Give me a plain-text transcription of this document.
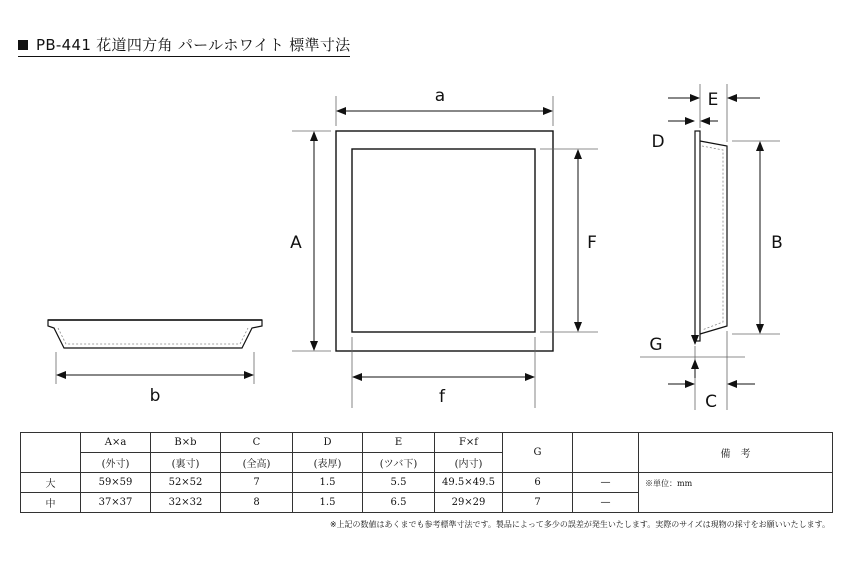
PB-441 花道四方角 パールホワイト 標準寸法
a
A	F
f
b
E
D
B
G
C
	A×a	B×b	C	D	E	F×f	G		備　考
	(外寸)	(裏寸)	(全高)	(表厚)	(ツバ下)	(内寸)			
大	59×59	52×52	7	1.5	5.5	49.5×49.5	6	—	※単位：mm
中	37×37	32×32	8	1.5	6.5	29×29	7	—	
※上記の数値はあくまでも参考標準寸法です。製品によって多少の誤差が発生いたします。実際のサイズは現物の採寸をお願いいたします。
